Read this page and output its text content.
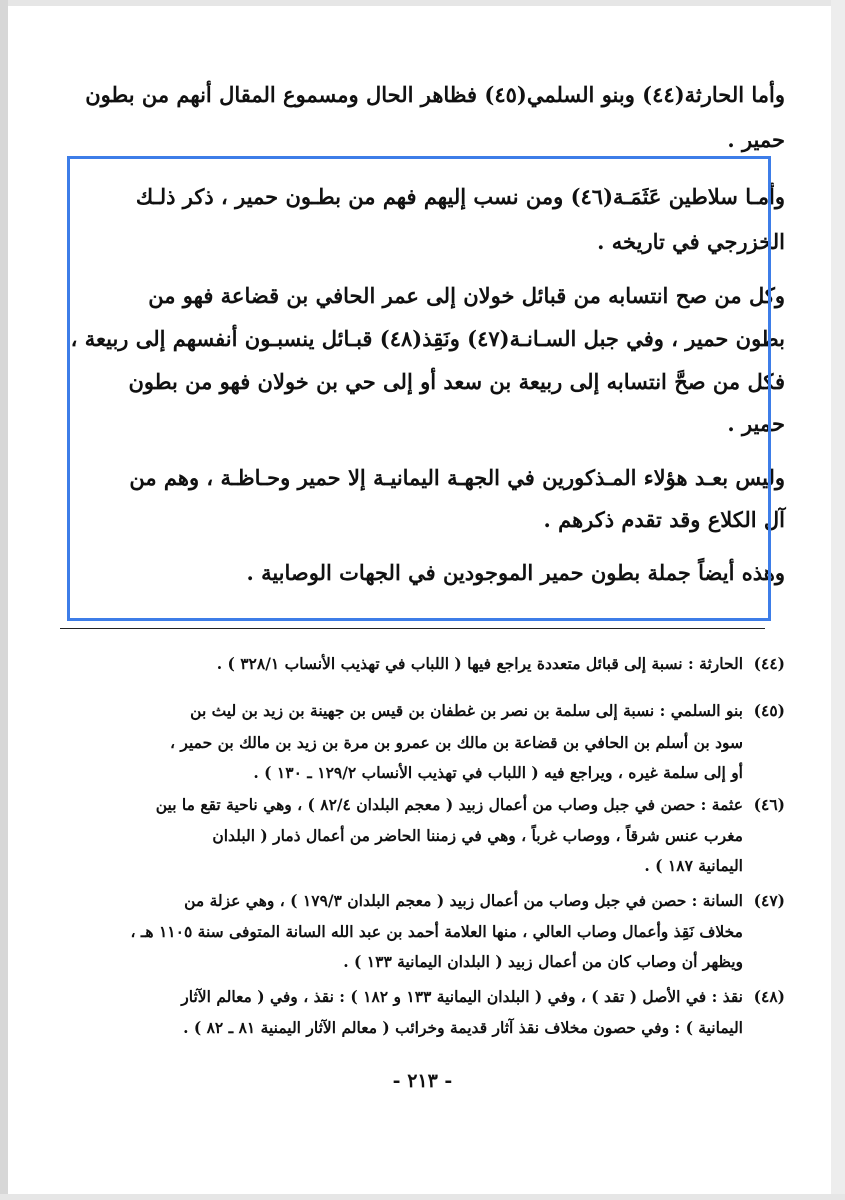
وأما الحارثة(٤٤) وبنو السلمي(٤٥) فظاهر الحال ومسموع المقال أنهم من بطون
حمير .
وأمـا سلاطين عَثَمَـة(٤٦) ومن نسب إليهم فهم من بطـون حمير ، ذكر ذلـك
الخزرجي في تاريخه .
وكل من صح انتسابه من قبائل خولان إلى عمر الحافي بن قضاعة فهو من
بطون حمير ، وفي جبل السـانـة(٤٧) ونَقِذ(٤٨) قبـائل ينسبـون أنفسهم إلى ربيعة ،
فكل من صحَّ انتسابه إلى ربيعة بن سعد أو إلى حي بن خولان فهو من بطون
حمير .
وليس بعـد هؤلاء المـذكورين في الجهـة اليمانيـة إلا حمير وحـاظـة ، وهم من
آل الكلاع وقد تقدم ذكرهم .
وهذه أيضاً جملة بطون حمير الموجودين في الجهات الوصابية .
(٤٤)
الحارثة : نسبة إلى قبائل متعددة يراجع فيها ( اللباب في تهذيب الأنساب ٣٢٨/١ ) .
(٤٥)
بنو السلمي : نسبة إلى سلمة بن نصر بن غطفان بن قيس بن جهينة بن زيد بن ليث بن
سود بن أسلم بن الحافي بن قضاعة بن مالك بن عمرو بن مرة بن زيد بن مالك بن حمير ،
أو إلى سلمة غيره ، ويراجع فيه ( اللباب في تهذيب الأنساب ١٢٩/٢ ـ ١٣٠ ) .
(٤٦)
عثمة : حصن في جبل وصاب من أعمال زبيد ( معجم البلدان ٨٢/٤ ) ، وهي ناحية تقع ما بين
مغرب عنس شرقاً ، ووصاب غرباً ، وهي في زمننا الحاضر من أعمال ذمار ( البلدان
اليمانية ١٨٧ ) .
(٤٧)
السانة : حصن في جبل وصاب من أعمال زبيد ( معجم البلدان ١٧٩/٣ ) ، وهي عزلة من
مخلاف نَقِذ وأعمال وصاب العالي ، منها العلامة أحمد بن عبد الله السانة المتوفى سنة ١١٠٥ هـ ،
ويظهر أن وصاب كان من أعمال زبيد ( البلدان اليمانية ١٣٣ ) .
(٤٨)
نقذ : في الأصل ( تقد ) ، وفي ( البلدان اليمانية ١٣٣ و ١٨٢ ) : نقذ ، وفي ( معالم الآثار
اليمانية ) : وفي حصون مخلاف نقذ آثار قديمة وخرائب ( معالم الآثار اليمنية ٨١ ـ ٨٢ ) .
- ٢١٣ -
